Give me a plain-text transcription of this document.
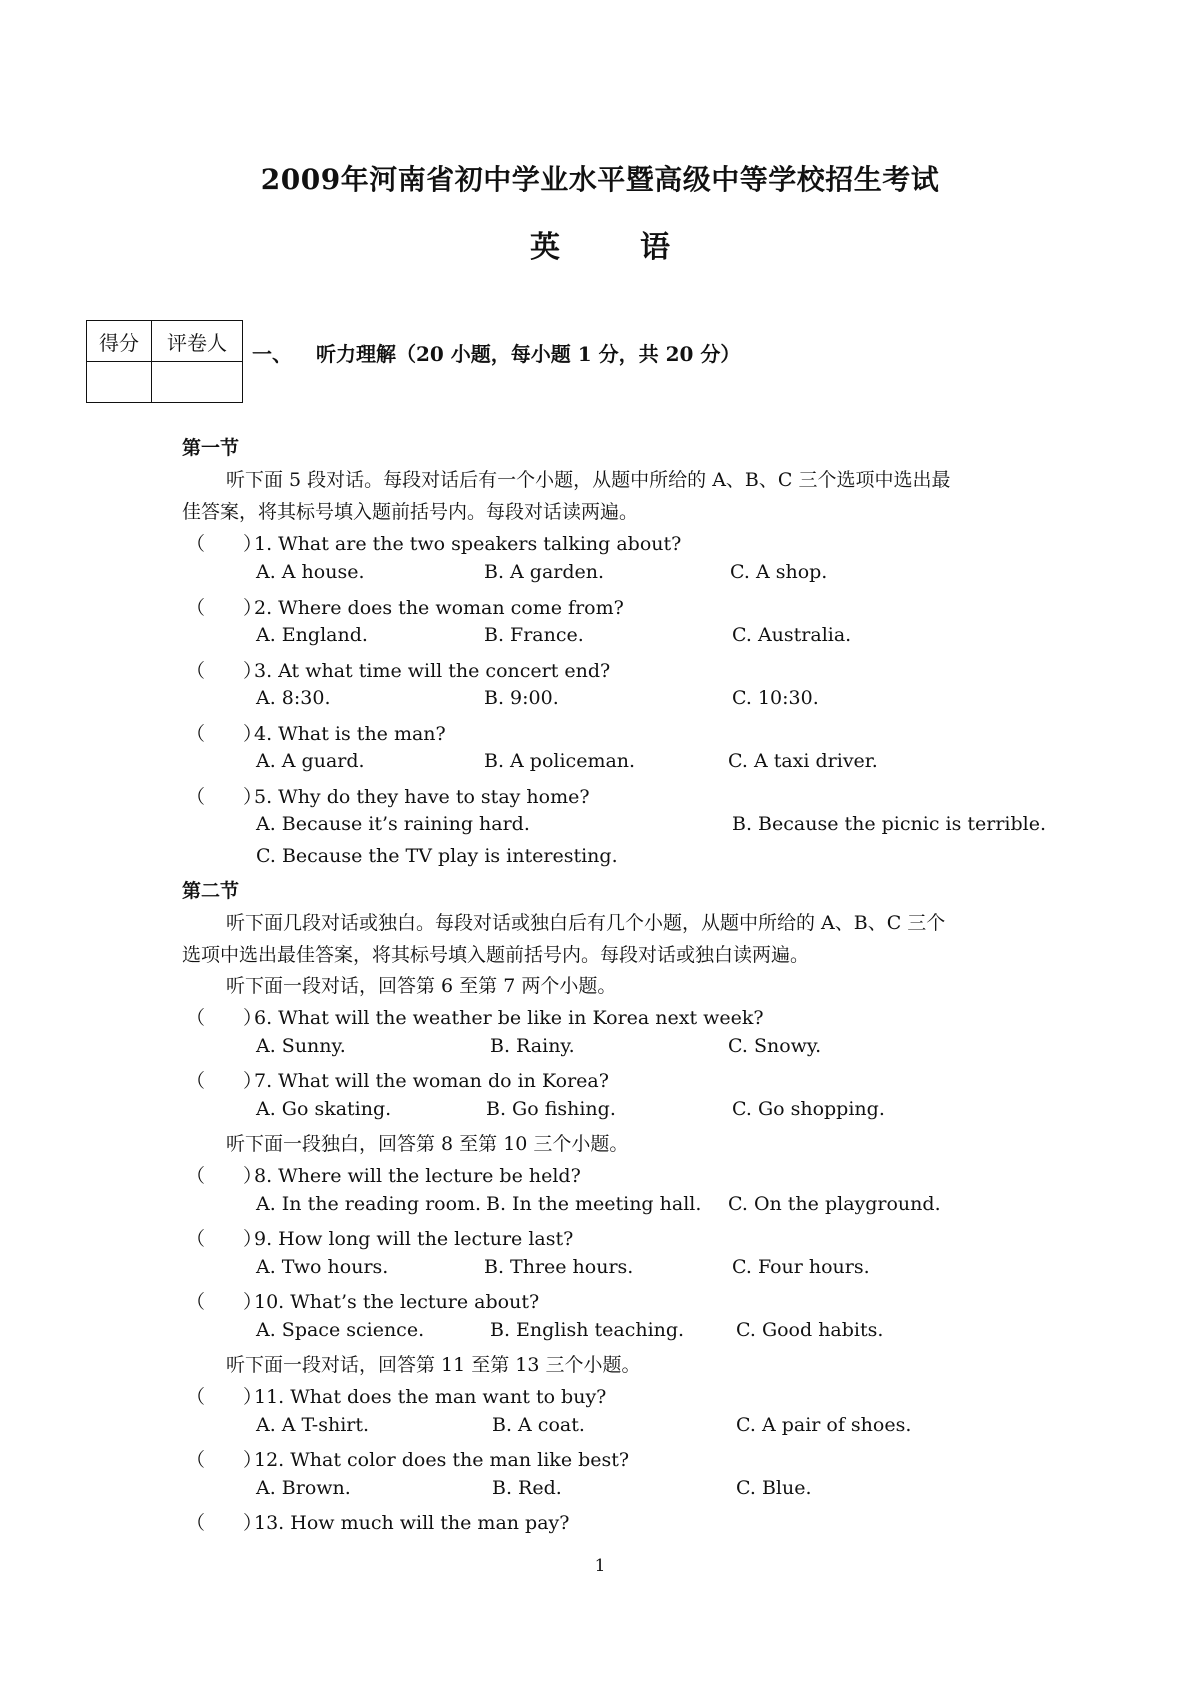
2009年河南省初中学业水平暨高级中等学校招生考试
英	语
得分	评卷人
	一、 听力理解（20 小题，每小题 1 分，共 20 分）
第一节
听下面 5 段对话。每段对话后有一个小题，从题中所给的 A、B、C 三个选项中选出最
佳答案，将其标号填入题前括号内。每段对话读两遍。
（　　）1. What are the two speakers talking about?
A. A house.	B. A garden.	C. A shop.
（　　）2. Where does the woman come from?
A. England.	B. France.	C. Australia.
（　　）3. At what time will the concert end?
A. 8:30.	B. 9:00.	C. 10:30.
（　　）4. What is the man?
A. A guard.	B. A policeman.	C. A taxi driver.
（　　）5. Why do they have to stay home?
A. Because it’s raining hard.	B. Because the picnic is terrible.
C. Because the TV play is interesting.
第二节
听下面几段对话或独白。每段对话或独白后有几个小题，从题中所给的 A、B、C 三个
选项中选出最佳答案，将其标号填入题前括号内。每段对话或独白读两遍。
听下面一段对话，回答第 6 至第 7 两个小题。
（　　）6. What will the weather be like in Korea next week?
A. Sunny.	B. Rainy.	C. Snowy.
（　　）7. What will the woman do in Korea?
A. Go skating.	B. Go fishing.	C. Go shopping.
听下面一段独白，回答第 8 至第 10 三个小题。
（　　）8. Where will the lecture be held?
A. In the reading room. B. In the meeting hall. C. On the playground.
（　　）9. How long will the lecture last?
A. Two hours.	B. Three hours.	C. Four hours.
（　　）10. What’s the lecture about?
A. Space science.	B. English teaching.	C. Good habits.
听下面一段对话，回答第 11 至第 13 三个小题。
（　　）11. What does the man want to buy?
A. A T-shirt.	B. A coat.	C. A pair of shoes.
（　　）12. What color does the man like best?
A. Brown.	B. Red.	C. Blue.
（　　）13. How much will the man pay?
1
